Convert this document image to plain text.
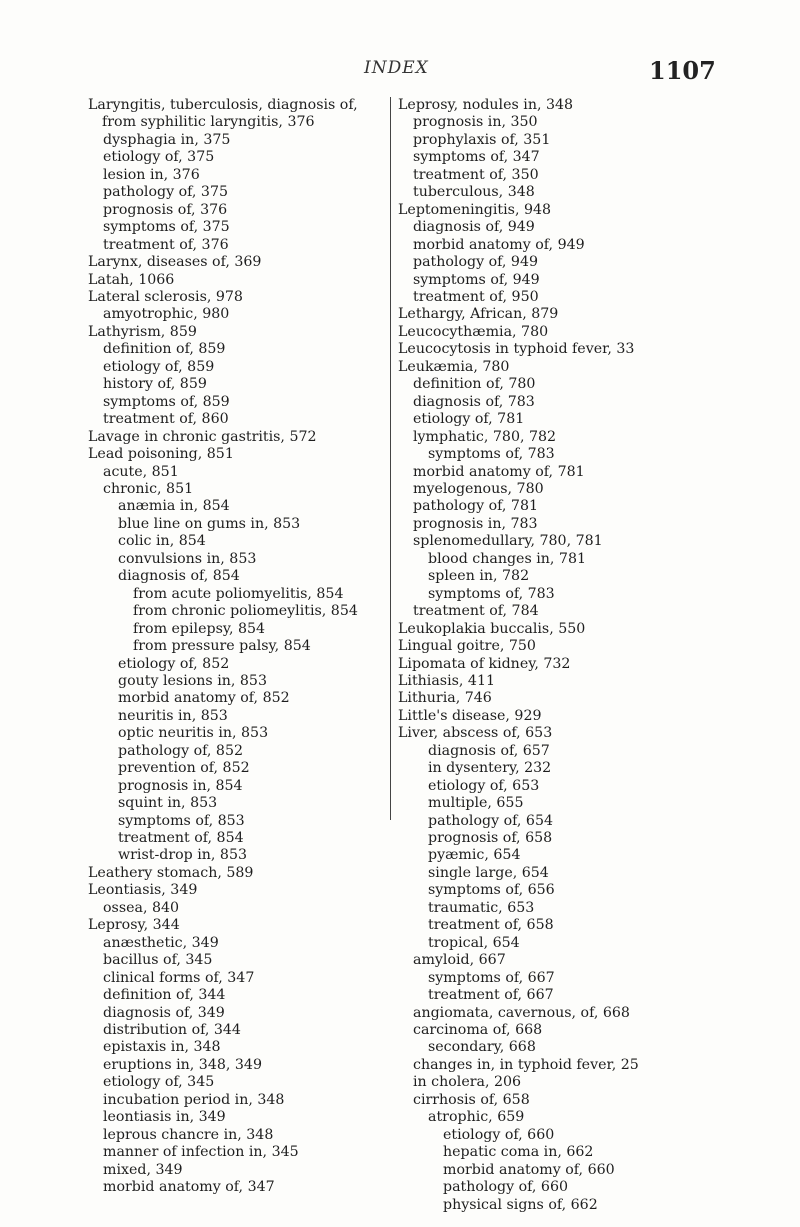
INDEX	1107
Laryngitis, tuberculosis, diagnosis of, from syphilitic laryngitis, 376
dysphagia in, 375
etiology of, 375
lesion in, 376
pathology of, 375
prognosis of, 376
symptoms of, 375
treatment of, 376
Larynx, diseases of, 369
Latah, 1066
Lateral sclerosis, 978
amyotrophic, 980
Lathyrism, 859
definition of, 859
etiology of, 859
history of, 859
symptoms of, 859
treatment of, 860
Lavage in chronic gastritis, 572
Lead poisoning, 851
acute, 851
chronic, 851
anæmia in, 854
blue line on gums in, 853
colic in, 854
convulsions in, 853
diagnosis of, 854
from acute poliomyelitis, 854
from chronic poliomeylitis, 854
from epilepsy, 854
from pressure palsy, 854
etiology of, 852
gouty lesions in, 853
morbid anatomy of, 852
neuritis in, 853
optic neuritis in, 853
pathology of, 852
prevention of, 852
prognosis in, 854
squint in, 853
symptoms of, 853
treatment of, 854
wrist-drop in, 853
Leathery stomach, 589
Leontiasis, 349
ossea, 840
Leprosy, 344
anæsthetic, 349
bacillus of, 345
clinical forms of, 347
definition of, 344
diagnosis of, 349
distribution of, 344
epistaxis in, 348
eruptions in, 348, 349
etiology of, 345
incubation period in, 348
leontiasis in, 349
leprous chancre in, 348
manner of infection in, 345
mixed, 349
morbid anatomy of, 347
Leprosy, nodules in, 348
prognosis in, 350
prophylaxis of, 351
symptoms of, 347
treatment of, 350
tuberculous, 348
Leptomeningitis, 948
diagnosis of, 949
morbid anatomy of, 949
pathology of, 949
symptoms of, 949
treatment of, 950
Lethargy, African, 879
Leucocythæmia, 780
Leucocytosis in typhoid fever, 33
Leukæmia, 780
definition of, 780
diagnosis of, 783
etiology of, 781
lymphatic, 780, 782
symptoms of, 783
morbid anatomy of, 781
myelogenous, 780
pathology of, 781
prognosis in, 783
splenomedullary, 780, 781
blood changes in, 781
spleen in, 782
symptoms of, 783
treatment of, 784
Leukoplakia buccalis, 550
Lingual goitre, 750
Lipomata of kidney, 732
Lithiasis, 411
Lithuria, 746
Little's disease, 929
Liver, abscess of, 653
diagnosis of, 657
in dysentery, 232
etiology of, 653
multiple, 655
pathology of, 654
prognosis of, 658
pyæmic, 654
single large, 654
symptoms of, 656
traumatic, 653
treatment of, 658
tropical, 654
amyloid, 667
symptoms of, 667
treatment of, 667
angiomata, cavernous, of, 668
carcinoma of, 668
secondary, 668
changes in, in typhoid fever, 25
in cholera, 206
cirrhosis of, 658
atrophic, 659
etiology of, 660
hepatic coma in, 662
morbid anatomy of, 660
pathology of, 660
physical signs of, 662
